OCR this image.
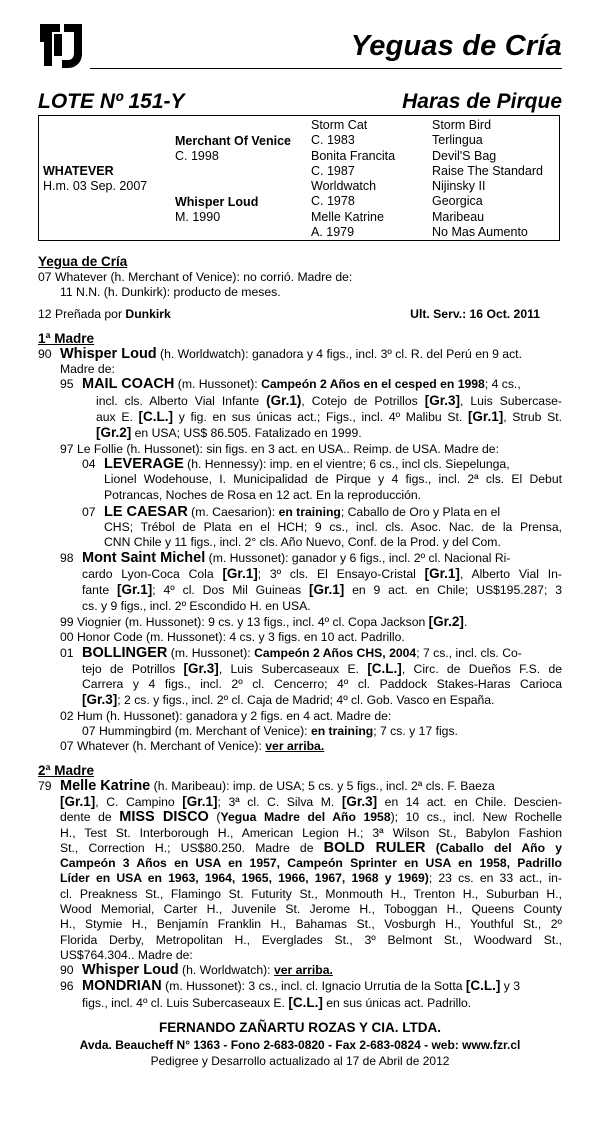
Yeguas de Cría
LOTE Nº 151-Y	Haras de Pirque
WHATEVER
H.m. 03 Sep. 2007
Merchant Of Venice
C. 1998
Whisper Loud
M. 1990
Storm Cat
C. 1983
Bonita Francita
C. 1987
Worldwatch
C. 1978
Melle Katrine
A. 1979
Storm Bird
Terlingua
Devil'S Bag
Raise The Standard
Nijinsky II
Georgica
Maribeau
No Mas Aumento
Yegua de Cría
07 Whatever (h. Merchant of Venice): no corrió. Madre de:
11 N.N. (h. Dunkirk): producto de meses.
12 Preñada por Dunkirk	Ult. Serv.: 16 Oct. 2011
1ª Madre
90 Whisper Loud (h. Worldwatch): ganadora y 4 figs., incl. 3º cl. R. del Perú en 9 act.
Madre de:
95 MAIL COACH (m. Hussonet): Campeón 2 Años en el cesped en 1998; 4 cs.,
incl. cls. Alberto Vial Infante (Gr.1), Cotejo de Potrillos [Gr.3], Luis Subercase-
aux E. [C.L.] y fig. en sus únicas act.; Figs., incl. 4º Malibu St. [Gr.1], Strub St.
[Gr.2] en USA; US$ 86.505. Fatalizado en 1999.
97 Le Follie (h. Hussonet): sin figs. en 3 act. en USA.. Reimp. de USA. Madre de:
04 LEVERAGE (h. Hennessy): imp. en el vientre; 6 cs., incl cls. Siepelunga,
Lionel Wodehouse, I. Municipalidad de Pirque y 4 figs., incl. 2ª cls. El Debut
Potrancas, Noches de Rosa en 12 act. En la reproducción.
07 LE CAESAR (m. Caesarion): en training; Caballo de Oro y Plata en el
CHS; Trébol de Plata en el HCH; 9 cs., incl. cls. Asoc. Nac. de la Prensa,
CNN Chile y 11 figs., incl. 2° cls. Año Nuevo, Conf. de la Prod. y del Com.
98 Mont Saint Michel (m. Hussonet): ganador y 6 figs., incl. 2º cl. Nacional Ri-
cardo Lyon-Coca Cola [Gr.1]; 3º cls. El Ensayo-Cristal [Gr.1], Alberto Vial In-
fante [Gr.1]; 4º cl. Dos Mil Guineas [Gr.1] en 9 act. en Chile; US$195.287; 3
cs. y 9 figs., incl. 2º Escondido H. en USA.
99 Viognier (m. Hussonet): 9 cs. y 13 figs., incl. 4º cl. Copa Jackson [Gr.2].
00 Honor Code (m. Hussonet): 4 cs. y 3 figs. en 10 act. Padrillo.
01 BOLLINGER (m. Hussonet): Campeón 2 Años CHS, 2004; 7 cs., incl. cls. Co-
tejo de Potrillos [Gr.3], Luis Subercaseaux E. [C.L.], Circ. de Dueños F.S. de
Carrera y 4 figs., incl. 2º cl. Cencerro; 4º cl. Paddock Stakes-Haras Carioca
[Gr.3]; 2 cs. y figs., incl. 2º cl. Caja de Madrid; 4º cl. Gob. Vasco en España.
02 Hum (h. Hussonet): ganadora y 2 figs. en 4 act. Madre de:
07 Hummingbird (m. Merchant of Venice): en training; 7 cs. y 17 figs.
07 Whatever (h. Merchant of Venice): ver arriba.
2ª Madre
79 Melle Katrine (h. Maribeau): imp. de USA; 5 cs. y 5 figs., incl. 2ª cls. F. Baeza
[Gr.1], C. Campino [Gr.1]; 3ª cl. C. Silva M. [Gr.3] en 14 act. en Chile. Descien-
dente de MISS DISCO (Yegua Madre del Año 1958); 10 cs., incl. New Rochelle
H., Test St. Interborough H., American Legion H.; 3ª Wilson St., Babylon Fashion
St., Correction H.; US$80.250. Madre de BOLD RULER (Caballo del Año y
Campeón 3 Años en USA en 1957, Campeón Sprinter en USA en 1958, Padrillo
Líder en USA en 1963, 1964, 1965, 1966, 1967, 1968 y 1969); 23 cs. en 33 act., in-
cl. Preakness St., Flamingo St. Futurity St., Monmouth H., Trenton H., Suburban H.,
Wood Memorial, Carter H., Juvenile St. Jerome H., Toboggan H., Queens County
H., Stymie H., Benjamín Franklin H., Bahamas St., Vosburgh H., Youthful St., 2º
Florida Derby, Metropolitan H., Everglades St., 3º Belmont St., Woodward St.,
US$764.304.. Madre de:
90 Whisper Loud (h. Worldwatch): ver arriba.
96 MONDRIAN (m. Hussonet): 3 cs., incl. cl. Ignacio Urrutia de la Sotta [C.L.] y 3
figs., incl. 4º cl. Luis Subercaseaux E. [C.L.] en sus únicas act. Padrillo.
FERNANDO ZAÑARTU ROZAS Y CIA. LTDA.
Avda. Beaucheff N° 1363 - Fono 2-683-0820 - Fax 2-683-0824 - web: www.fzr.cl
Pedigree y Desarrollo actualizado al 17 de Abril de 2012
